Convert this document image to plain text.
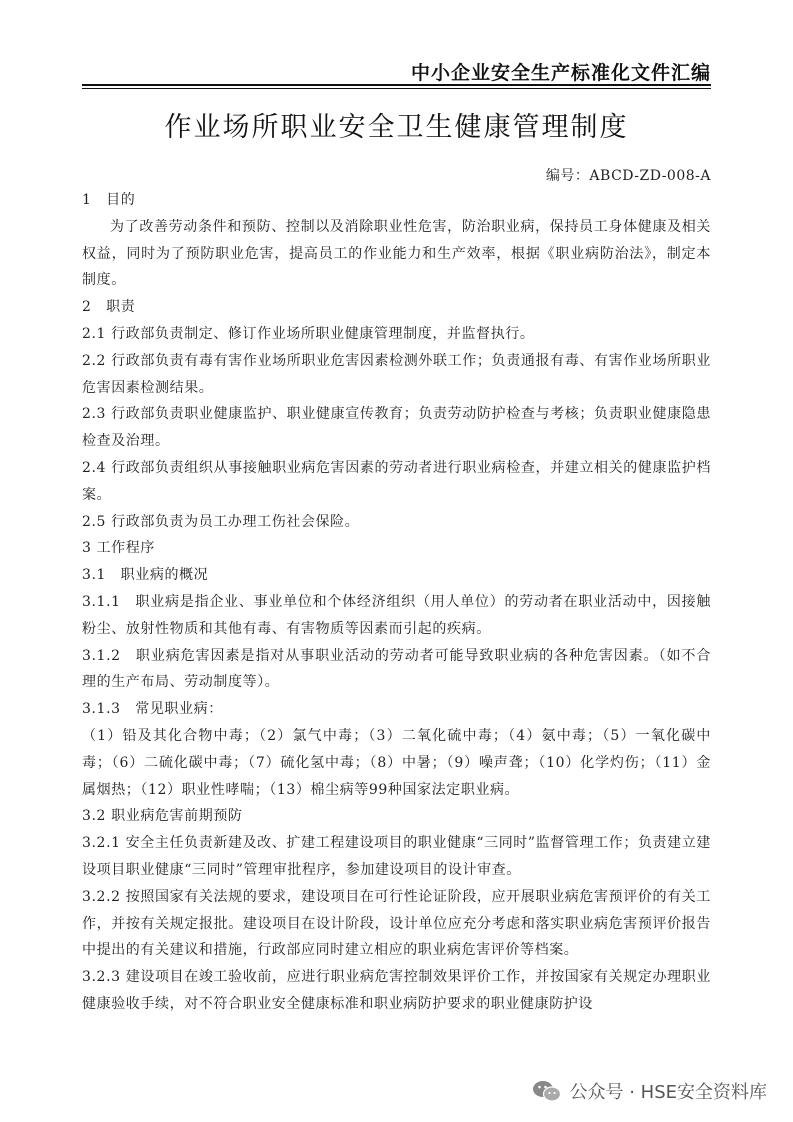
中小企业安全生产标准化文件汇编
作业场所职业安全卫生健康管理制度
编号：ABCD-ZD-008-A

1　目的

为了改善劳动条件和预防、控制以及消除职业性危害，防治职业病，保持员工身体健康及相关权益，同时为了预防职业危害，提高员工的作业能力和生产效率，根据《职业病防治法》，制定本制度。

2　职责

2.1 行政部负责制定、修订作业场所职业健康管理制度，并监督执行。

2.2 行政部负责有毒有害作业场所职业危害因素检测外联工作；负责通报有毒、有害作业场所职业危害因素检测结果。

2.3 行政部负责职业健康监护、职业健康宣传教育；负责劳动防护检查与考核；负责职业健康隐患检查及治理。

2.4 行政部负责组织从事接触职业病危害因素的劳动者进行职业病检查，并建立相关的健康监护档案。

2.5 行政部负责为员工办理工伤社会保险。

3 工作程序

3.1　职业病的概况

3.1.1　职业病是指企业、事业单位和个体经济组织（用人单位）的劳动者在职业活动中，因接触粉尘、放射性物质和其他有毒、有害物质等因素而引起的疾病。

3.1.2　职业病危害因素是指对从事职业活动的劳动者可能导致职业病的各种危害因素。（如不合理的生产布局、劳动制度等）。

3.1.3　常见职业病：

（1）铅及其化合物中毒；（2）氯气中毒；（3）二氧化硫中毒；（4）氨中毒；（5）一氧化碳中毒；（6）二硫化碳中毒；（7）硫化氢中毒；（8）中暑；（9）噪声聋；（10）化学灼伤；（11）金属烟热；（12）职业性哮喘；（13）棉尘病等99种国家法定职业病。

3.2 职业病危害前期预防

3.2.1 安全主任负责新建及改、扩建工程建设项目的职业健康“三同时”监督管理工作；负责建立建设项目职业健康“三同时”管理审批程序，参加建设项目的设计审查。

3.2.2 按照国家有关法规的要求，建设项目在可行性论证阶段，应开展职业病危害预评价的有关工作，并按有关规定报批。建设项目在设计阶段，设计单位应充分考虑和落实职业病危害预评价报告中提出的有关建议和措施，行政部应同时建立相应的职业病危害评价等档案。

3.2.3 建设项目在竣工验收前，应进行职业病危害控制效果评价工作，并按国家有关规定办理职业健康验收手续，对不符合职业安全健康标准和职业病防护要求的职业健康防护设

公众号 · HSE安全资料库
